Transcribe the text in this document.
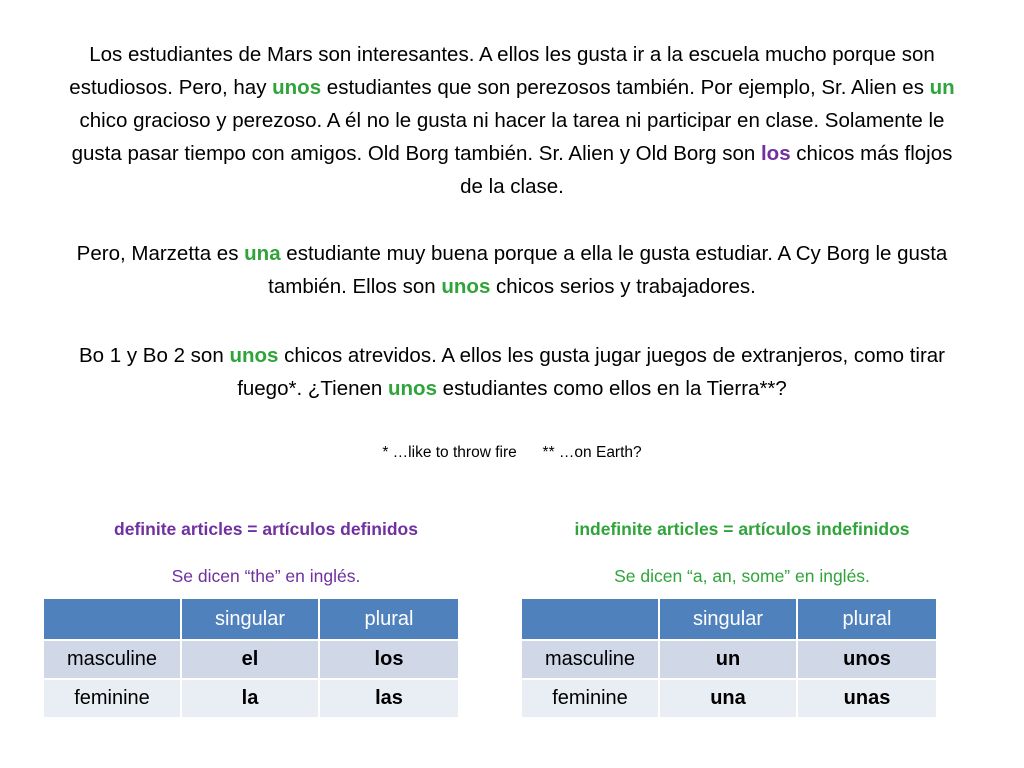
Los estudiantes de Mars son interesantes. A ellos les gusta ir a la escuela mucho porque son estudiosos. Pero, hay unos estudiantes que son perezosos también. Por ejemplo, Sr. Alien es un chico gracioso y perezoso. A él no le gusta ni hacer la tarea ni participar en clase. Solamente le gusta pasar tiempo con amigos. Old Borg también. Sr. Alien y Old Borg son los chicos más flojos de la clase.

Pero, Marzetta es una estudiante muy buena porque a ella le gusta estudiar. A Cy Borg le gusta también. Ellos son unos chicos serios y trabajadores.

Bo 1 y Bo 2 son unos chicos atrevidos. A ellos les gusta jugar juegos de extranjeros, como tirar fuego*. ¿Tienen unos estudiantes como ellos en la Tierra**?

* …like to throw fire      ** …on Earth?
definite articles = artículos definidos
Se dicen “the” en inglés.
indefinite articles = artículos indefinidos
Se dicen “a, an, some” en inglés.
	singular	plural
masculine	el	los
feminine	la	las
	singular	plural
masculine	un	unos
feminine	una	unas
